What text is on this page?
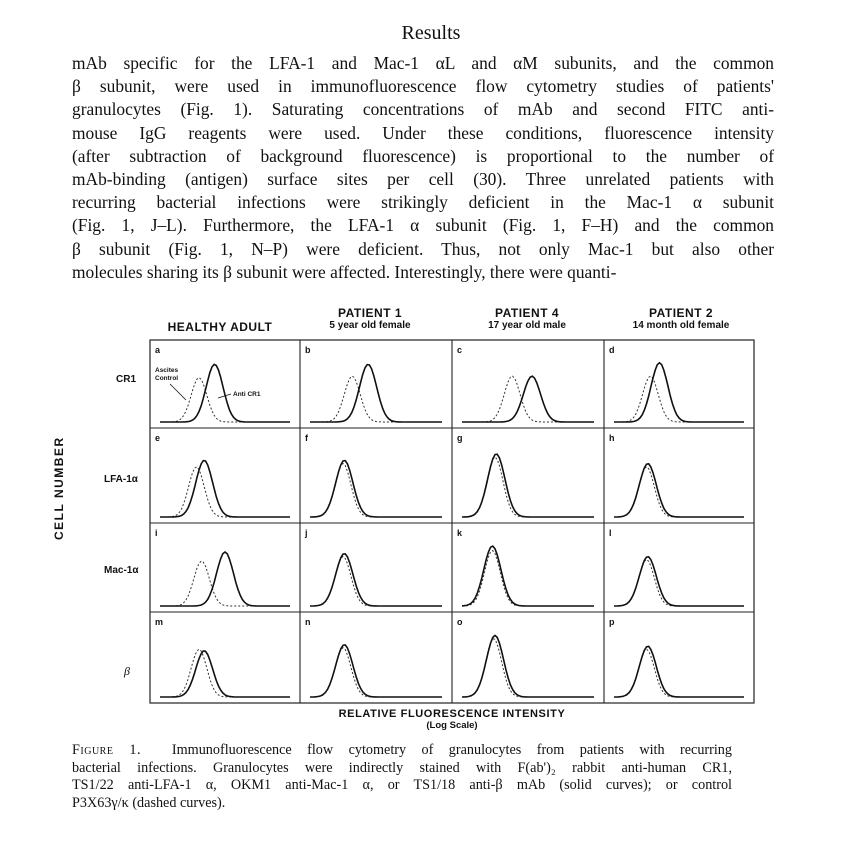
Results
mAb specific for the LFA-1 and Mac-1 αL and αM subunits, and the common
β subunit, were used in immunofluorescence flow cytometry studies of patients'
granulocytes (Fig. 1). Saturating concentrations of mAb and second FITC anti-
mouse IgG reagents were used. Under these conditions, fluorescence intensity
(after subtraction of background fluorescence) is proportional to the number of
mAb-binding (antigen) surface sites per cell (30). Three unrelated patients with
recurring bacterial infections were strikingly deficient in the Mac-1 α subunit
(Fig. 1, J–L). Furthermore, the LFA-1 α subunit (Fig. 1, F–H) and the common
β subunit (Fig. 1, N–P) were deficient. Thus, not only Mac-1 but also other
molecules sharing its β subunit were affected. Interestingly, there were quanti-
HEALTHY ADULT
PATIENT 1
5 year old female
PATIENT 4
17 year old male
PATIENT 2
14 month old female
CR1
LFA-1α
Mac-1α
β
CELL NUMBER
a	b	c	d
e	f	g	h
i	j	k	l
m	n	o	p
Ascites
Control
Anti CR1
RELATIVE FLUORESCENCE INTENSITY
(Log Scale)
Figure 1. Immunofluorescence flow cytometry of granulocytes from patients with recurring
bacterial infections. Granulocytes were indirectly stained with F(ab')₂ rabbit anti-human CR1,
TS1/22 anti-LFA-1 α, OKM1 anti-Mac-1 α, or TS1/18 anti-β mAb (solid curves); or control
P3X63γ/κ (dashed curves).
